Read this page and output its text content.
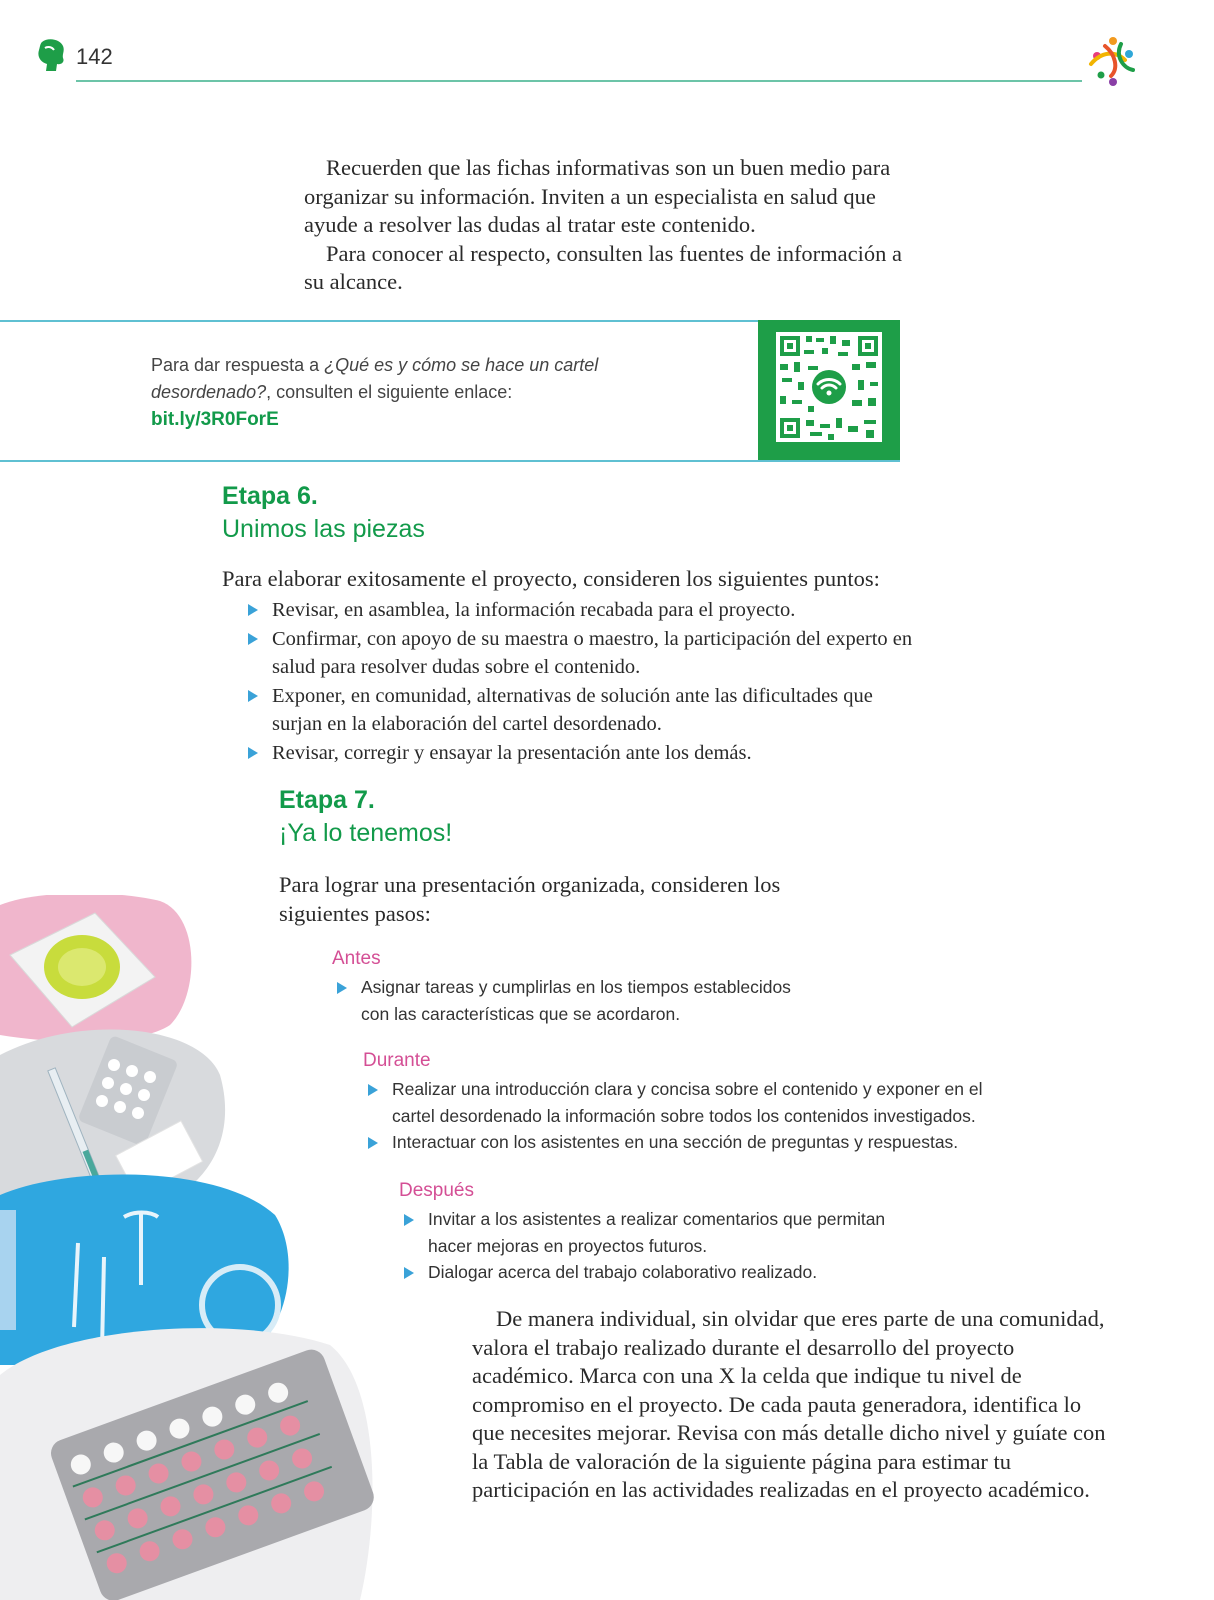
142

Recuerden que las fichas informativas son un buen medio para organizar su información. Inviten a un especialista en salud que ayude a resolver las dudas al tratar este contenido.

Para conocer al respecto, consulten las fuentes de información a su alcance.

Para dar respuesta a ¿Qué es y cómo se hace un cartel desordenado?, consulten el siguiente enlace:
bit.ly/3R0ForE
Etapa 6.
Unimos las piezas
Para elaborar exitosamente el proyecto, consideren los siguientes puntos:
Revisar, en asamblea, la información recabada para el proyecto.
Confirmar, con apoyo de su maestra o maestro, la participación del experto en salud para resolver dudas sobre el contenido.
Exponer, en comunidad, alternativas de solución ante las dificultades que surjan en la elaboración del cartel desordenado.
Revisar, corregir y ensayar la presentación ante los demás.
Etapa 7.
¡Ya lo tenemos!
Para lograr una presentación organizada, consideren los siguientes pasos:
Antes
Asignar tareas y cumplirlas en los tiempos establecidos con las características que se acordaron.
Durante
Realizar una introducción clara y concisa sobre el contenido y exponer en el cartel desordenado la información sobre todos los contenidos investigados.
Interactuar con los asistentes en una sección de preguntas y respuestas.
Después
Invitar a los asistentes a realizar comentarios que permitan hacer mejoras en proyectos futuros.
Dialogar acerca del trabajo colaborativo realizado.

De manera individual, sin olvidar que eres parte de una comunidad, valora el trabajo realizado durante el desarrollo del proyecto académico. Marca con una X la celda que indique tu nivel de compromiso en el proyecto. De cada pauta generadora, identifica lo que necesites mejorar. Revisa con más detalle dicho nivel y guíate con la Tabla de valoración de la siguiente página para estimar tu participación en las actividades realizadas en el proyecto académico.
